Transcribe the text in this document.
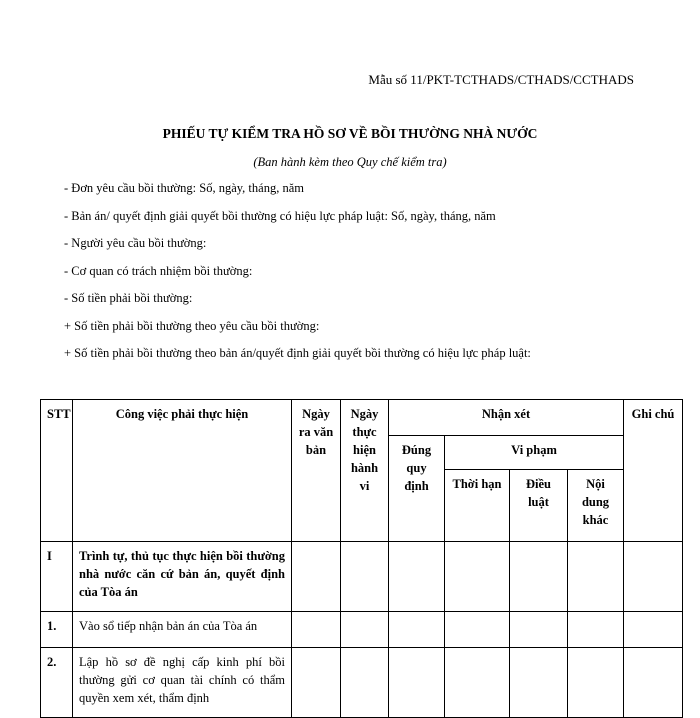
Mẫu số 11/PKT-TCTHADS/CTHADS/CCTHADS
PHIẾU TỰ KIỂM TRA HỒ SƠ VỀ BỒI THƯỜNG NHÀ NƯỚC
(Ban hành kèm theo Quy chế kiểm tra)
- Đơn yêu cầu bồi thường: Số, ngày, tháng, năm
- Bản án/ quyết định giải quyết bồi thường có hiệu lực pháp luật: Số, ngày, tháng, năm
- Người yêu cầu bồi thường:
- Cơ quan có trách nhiệm bồi thường:
- Số tiền phải bồi thường:
+ Số tiền phải bồi thường theo yêu cầu bồi thường:
+ Số tiền phải bồi thường theo bản án/quyết định giải quyết bồi thường có hiệu lực pháp luật:
STT	Công việc phải thực hiện	Ngày ra văn bản	Ngày thực hiện hành vi	Nhận xét				Ghi chú
				Đúng quy định	Vi phạm			
					Thời hạn	Điều luật	Nội dung khác	
I	Trình tự, thủ tục thực hiện bồi thường nhà nước căn cứ bản án, quyết định của Tòa án							
1.	Vào sổ tiếp nhận bản án của Tòa án							
2.	Lập hồ sơ đề nghị cấp kinh phí bồi thường gửi cơ quan tài chính có thẩm quyền xem xét, thẩm định							
